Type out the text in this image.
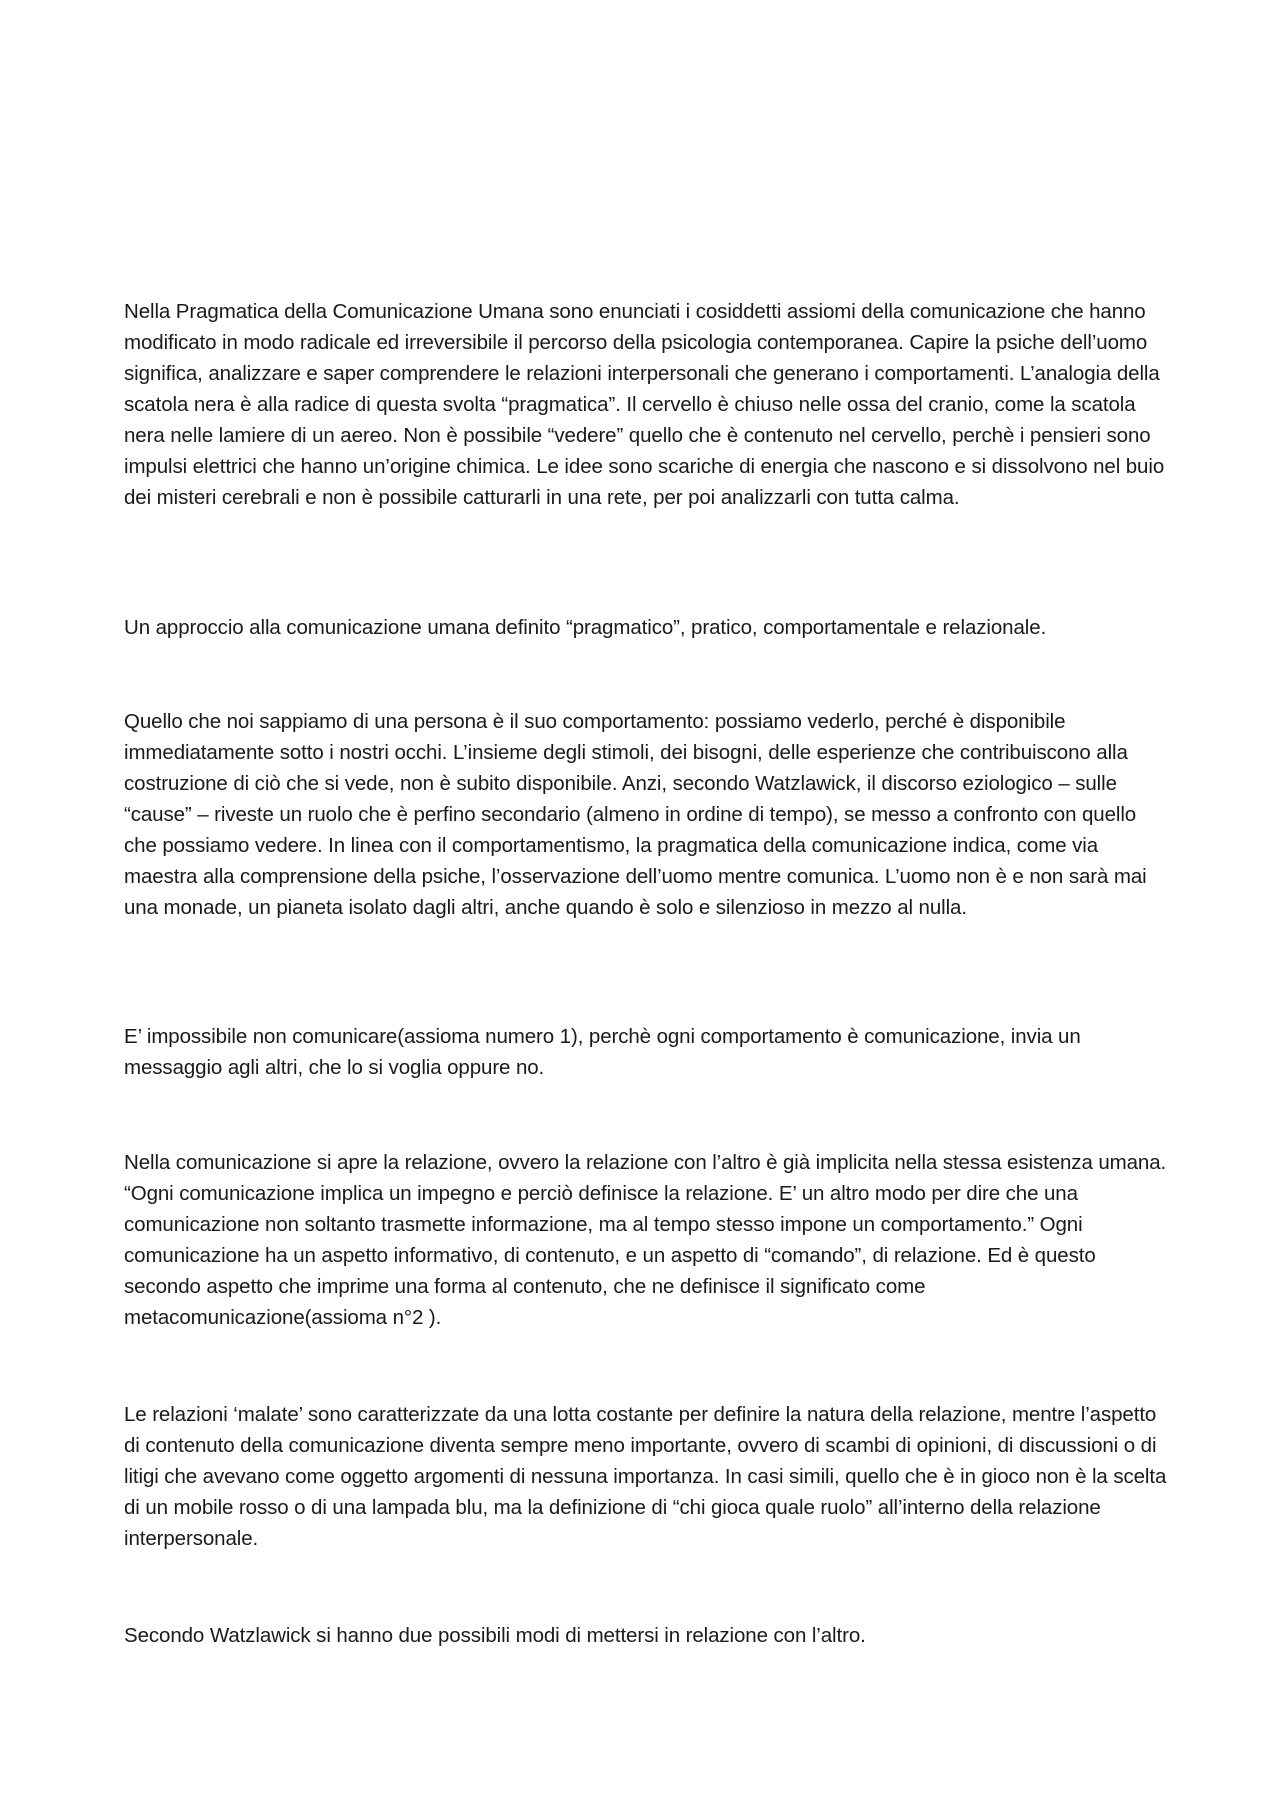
Nella Pragmatica della Comunicazione Umana sono enunciati i cosiddetti assiomi della comunicazione che hanno modificato in modo radicale ed irreversibile il percorso della psicologia contemporanea. Capire la psiche dell’uomo significa, analizzare e saper comprendere le relazioni interpersonali che generano i comportamenti. L’analogia della scatola nera è alla radice di questa svolta “pragmatica”. Il cervello è chiuso nelle ossa del cranio, come la scatola nera nelle lamiere di un aereo. Non è possibile “vedere” quello che è contenuto nel cervello, perchè i pensieri sono impulsi elettrici che hanno un’origine chimica. Le idee sono scariche di energia che nascono e si dissolvono nel buio dei misteri cerebrali e non è possibile catturarli in una rete, per poi analizzarli con tutta calma.

Un approccio alla comunicazione umana definito “pragmatico”, pratico, comportamentale e relazionale.

Quello che noi sappiamo di una persona è il suo comportamento: possiamo vederlo, perché è disponibile immediatamente sotto i nostri occhi. L’insieme degli stimoli, dei bisogni, delle esperienze che contribuiscono alla costruzione di ciò che si vede, non è subito disponibile. Anzi, secondo Watzlawick, il discorso eziologico – sulle “cause” – riveste un ruolo che è perfino secondario (almeno in ordine di tempo), se messo a confronto con quello che possiamo vedere. In linea con il comportamentismo, la pragmatica della comunicazione indica, come via maestra alla comprensione della psiche, l’osservazione dell’uomo mentre comunica. L’uomo non è e non sarà mai una monade, un pianeta isolato dagli altri, anche quando è solo e silenzioso in mezzo al nulla.

E’ impossibile non comunicare(assioma numero 1), perchè ogni comportamento è comunicazione, invia un messaggio agli altri, che lo si voglia oppure no.

Nella comunicazione si apre la relazione, ovvero la relazione con l’altro è già implicita nella stessa esistenza umana. “Ogni comunicazione implica un impegno e perciò definisce la relazione. E’ un altro modo per dire che una comunicazione non soltanto trasmette informazione, ma al tempo stesso impone un comportamento.” Ogni comunicazione ha un aspetto informativo, di contenuto, e un aspetto di “comando”, di relazione. Ed è questo secondo aspetto che imprime una forma al contenuto, che ne definisce il significato come metacomunicazione(assioma n°2 ).

Le relazioni ‘malate’ sono caratterizzate da una lotta costante per definire la natura della relazione, mentre l’aspetto di contenuto della comunicazione diventa sempre meno importante, ovvero di scambi di opinioni, di discussioni o di litigi che avevano come oggetto argomenti di nessuna importanza. In casi simili, quello che è in gioco non è la scelta di un mobile rosso o di una lampada blu, ma la definizione di “chi gioca quale ruolo” all’interno della relazione interpersonale.

Secondo Watzlawick si hanno due possibili modi di mettersi in relazione con l’altro.
